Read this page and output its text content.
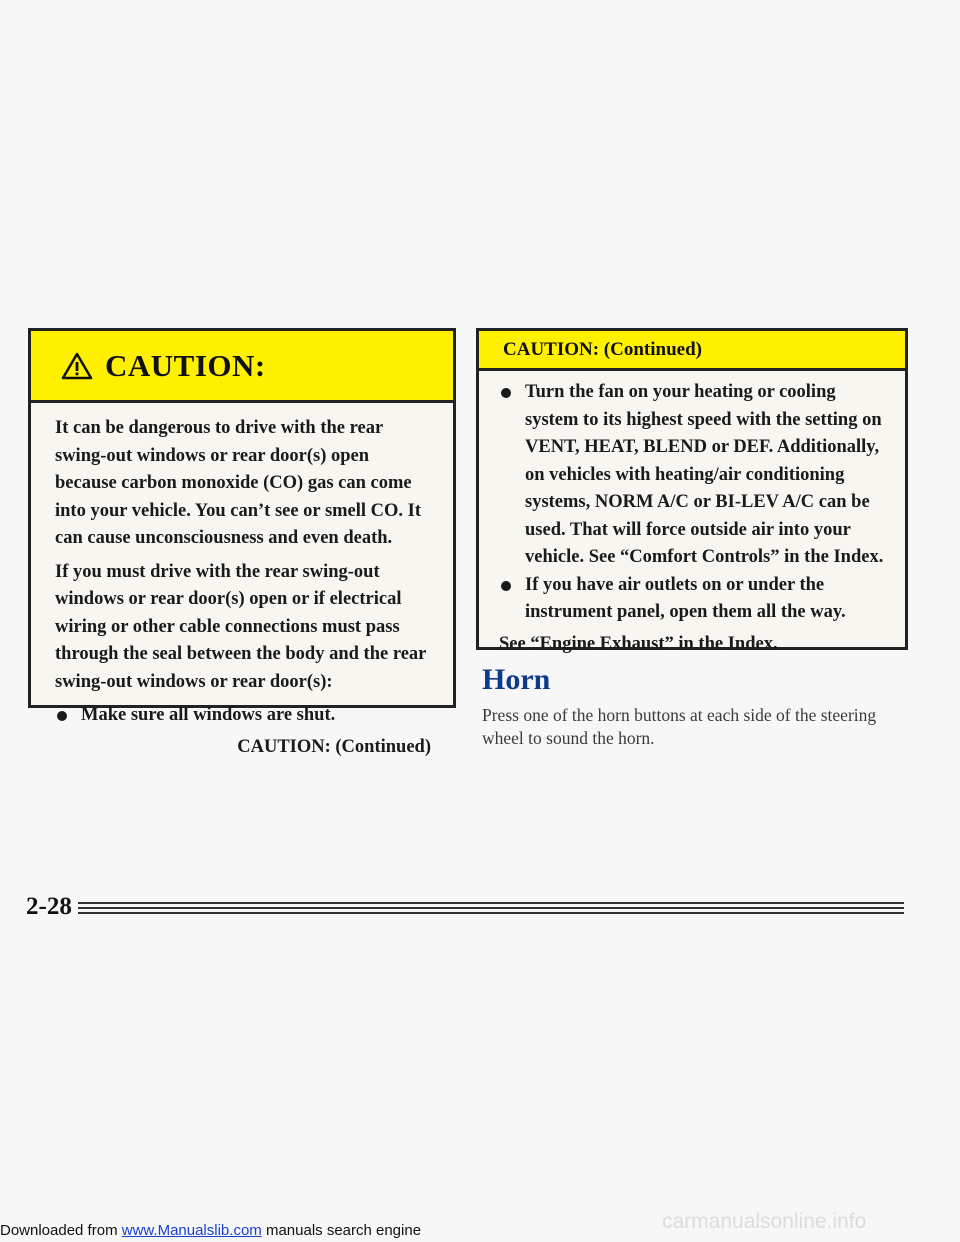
CAUTION:

It can be dangerous to drive with the rear swing-out windows or rear door(s) open because carbon monoxide (CO) gas can come into your vehicle. You can’t see or smell CO. It can cause unconsciousness and even death.

If you must drive with the rear swing-out windows or rear door(s) open or if electrical wiring or other cable connections must pass through the seal between the body and the rear swing-out windows or rear door(s):

Make sure all windows are shut.

CAUTION: (Continued)

CAUTION: (Continued)

Turn the fan on your heating or cooling system to its highest speed with the setting on VENT, HEAT, BLEND or DEF. Additionally, on vehicles with heating/air conditioning systems, NORM A/C or BI-LEV A/C can be used. That will force outside air into your vehicle. See “Comfort Controls” in the Index.

If you have air outlets on or under the instrument panel, open them all the way.

See “Engine Exhaust” in the Index.

Horn

Press one of the horn buttons at each side of the steering wheel to sound the horn.

2-28
Downloaded from www.Manualslib.com manuals search engine	carmanualsonline.info
